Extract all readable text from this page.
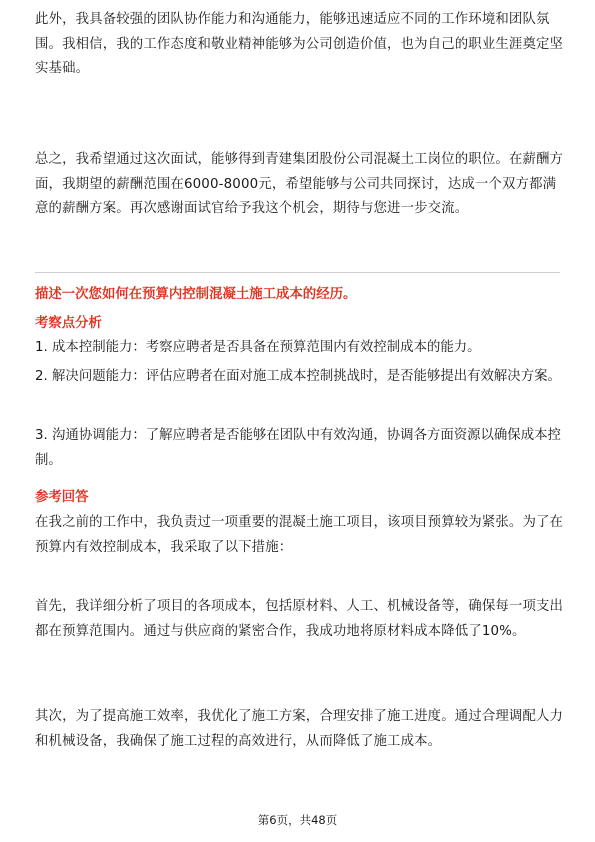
此外，我具备较强的团队协作能力和沟通能力，能够迅速适应不同的工作环境和团队氛围。我相信，我的工作态度和敬业精神能够为公司创造价值，也为自己的职业生涯奠定坚实基础。

总之，我希望通过这次面试，能够得到青建集团股份公司混凝土工岗位的职位。在薪酬方面，我期望的薪酬范围在6000-8000元，希望能够与公司共同探讨，达成一个双方都满意的薪酬方案。再次感谢面试官给予我这个机会，期待与您进一步交流。

描述一次您如何在预算内控制混凝土施工成本的经历。

考察点分析

1. 成本控制能力：考察应聘者是否具备在预算范围内有效控制成本的能力。

2. 解决问题能力：评估应聘者在面对施工成本控制挑战时，是否能够提出有效解决方案。

3. 沟通协调能力：了解应聘者是否能够在团队中有效沟通，协调各方面资源以确保成本控制。

参考回答

在我之前的工作中，我负责过一项重要的混凝土施工项目，该项目预算较为紧张。为了在预算内有效控制成本，我采取了以下措施：

首先，我详细分析了项目的各项成本，包括原材料、人工、机械设备等，确保每一项支出都在预算范围内。通过与供应商的紧密合作，我成功地将原材料成本降低了10%。

其次，为了提高施工效率，我优化了施工方案，合理安排了施工进度。通过合理调配人力和机械设备，我确保了施工过程的高效进行，从而降低了施工成本。

第6页，共48页
